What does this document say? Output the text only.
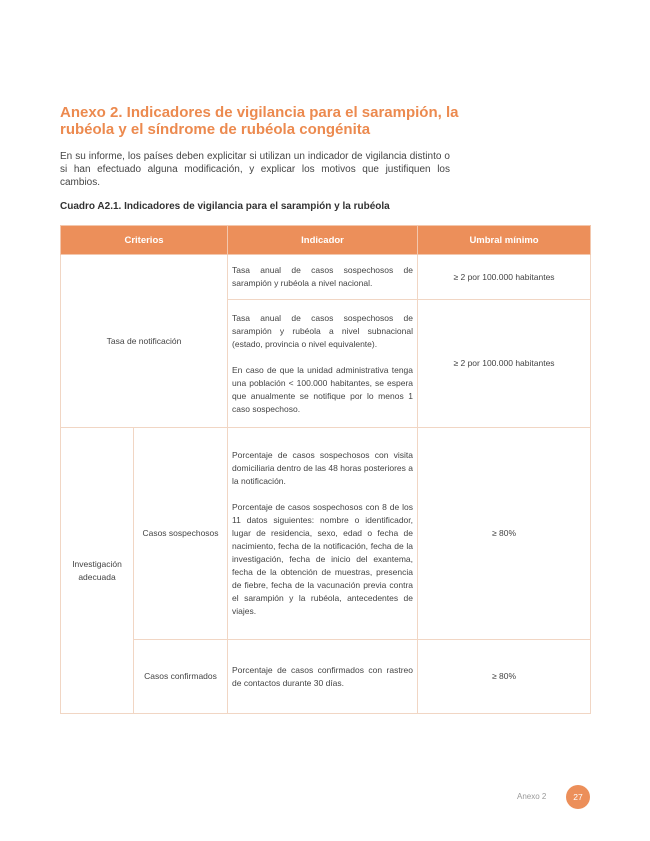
Anexo 2. Indicadores de vigilancia para el sarampión, la rubéola y el síndrome de rubéola congénita

En su informe, los países deben explicitar si utilizan un indicador de vigilancia distinto o si han efectuado alguna modificación, y explicar los motivos que justifiquen los cambios.

Cuadro A2.1. Indicadores de vigilancia para el sarampión y la rubéola

Criterios		Indicador	Umbral mínimo
Tasa de notificación		Tasa anual de casos sospechosos de sarampión y rubéola a nivel nacional.	≥ 2 por 100.000 habitantes

		Tasa anual de casos sospechosos de sarampión y rubéola a nivel subnacional (estado, provincia o nivel equivalente).

En caso de que la unidad administrativa tenga una población < 100.000 habitantes, se espera que anualmente se notifique por lo menos 1 caso sospechoso.	≥ 2 por 100.000 habitantes
Investigación adecuada	Casos sospechosos	Porcentaje de casos sospechosos con visita domiciliaria dentro de las 48 horas posteriores a la notificación.

Porcentaje de casos sospechosos con 8 de los 11 datos siguientes: nombre o identificador, lugar de residencia, sexo, edad o fecha de nacimiento, fecha de la notificación, fecha de la investigación, fecha de inicio del exantema, fecha de la obtención de muestras, presencia de fiebre, fecha de la vacunación previa contra el sarampión y la rubéola, antecedentes de viajes.	≥ 80%
	Casos confirmados	Porcentaje de casos confirmados con rastreo de contactos durante 30 días.	≥ 80%
Anexo 2	27
